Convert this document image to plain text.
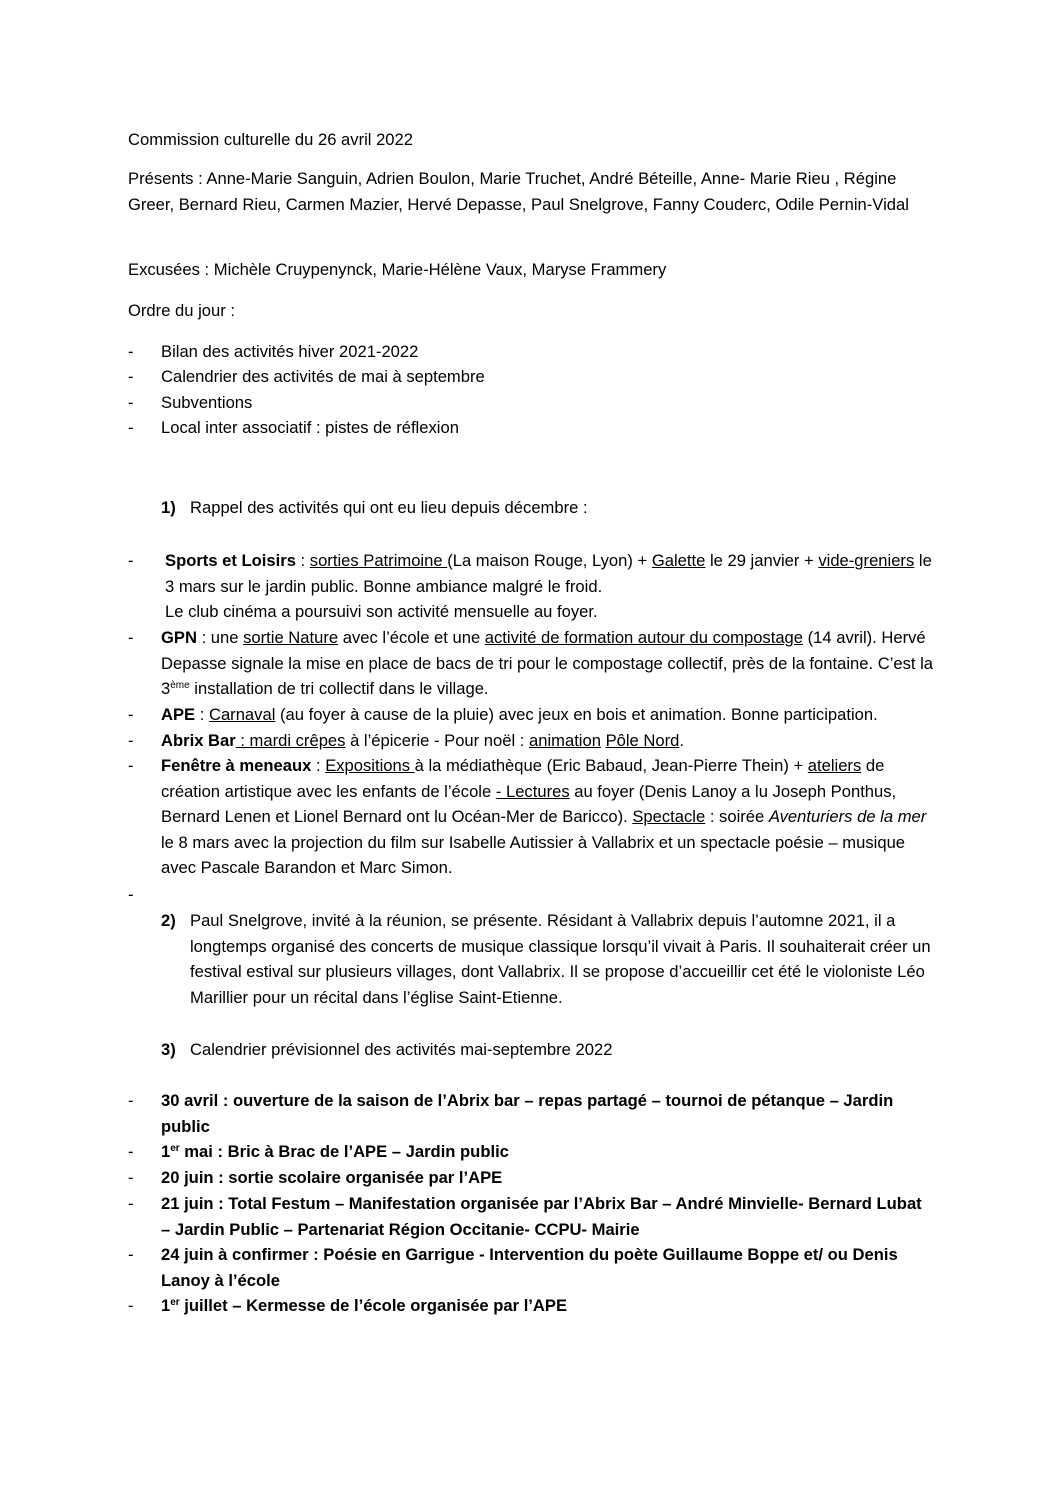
Commission culturelle du 26 avril 2022

Présents : Anne-Marie Sanguin, Adrien Boulon, Marie Truchet, André Béteille, Anne- Marie Rieu , Régine Greer, Bernard Rieu, Carmen Mazier, Hervé Depasse, Paul Snelgrove, Fanny Couderc, Odile Pernin-Vidal

Excusées : Michèle Cruypenynck, Marie-Hélène Vaux, Maryse Frammery

Ordre du jour :

-	Bilan des activités hiver 2021-2022

-	Calendrier des activités de mai à septembre

-	Subventions

-	Local inter associatif : pistes de réflexion

1) Rappel des activités qui ont eu lieu depuis décembre :

-	Sports et Loisirs : sorties Patrimoine (La maison Rouge, Lyon) + Galette le 29 janvier + vide-greniers le 3 mars sur le jardin public. Bonne ambiance malgré le froid.

Le club cinéma a poursuivi son activité mensuelle au foyer.

-	GPN : une sortie Nature avec l’école et une activité de formation autour du compostage (14 avril). Hervé Depasse signale la mise en place de bacs de tri pour le compostage collectif, près de la fontaine. C’est la 3ème installation de tri collectif dans le village.

-	APE : Carnaval (au foyer à cause de la pluie) avec jeux en bois et animation. Bonne participation.

-	Abrix Bar : mardi crêpes à l’épicerie - Pour noël : animation Pôle Nord.

-	Fenêtre à meneaux : Expositions à la médiathèque (Eric Babaud, Jean-Pierre Thein) + ateliers de création artistique avec les enfants de l’école - Lectures au foyer (Denis Lanoy a lu Joseph Ponthus, Bernard Lenen et Lionel Bernard ont lu Océan-Mer de Baricco). Spectacle : soirée Aventuriers de la mer le 8 mars avec la projection du film sur Isabelle Autissier à Vallabrix et un spectacle poésie – musique avec Pascale Barandon et Marc Simon.

-
2) Paul Snelgrove, invité à la réunion, se présente. Résidant à Vallabrix depuis l’automne 2021, il a longtemps organisé des concerts de musique classique lorsqu’il vivait à Paris. Il souhaiterait créer un festival estival sur plusieurs villages, dont Vallabrix. Il se propose d’accueillir cet été le violoniste Léo Marillier pour un récital dans l’église Saint-Etienne.

3) Calendrier prévisionnel des activités mai-septembre 2022

-	30 avril : ouverture de la saison de l’Abrix bar – repas partagé – tournoi de pétanque – Jardin public

-	1er mai : Bric à Brac de l’APE – Jardin public

-	20 juin : sortie scolaire organisée par l’APE

-	21 juin : Total Festum – Manifestation organisée par l’Abrix Bar – André Minvielle- Bernard Lubat – Jardin Public – Partenariat Région Occitanie- CCPU- Mairie

-	24 juin à confirmer : Poésie en Garrigue - Intervention du poète Guillaume Boppe et/ ou Denis Lanoy à l’école

-	1er juillet – Kermesse de l’école organisée par l’APE
